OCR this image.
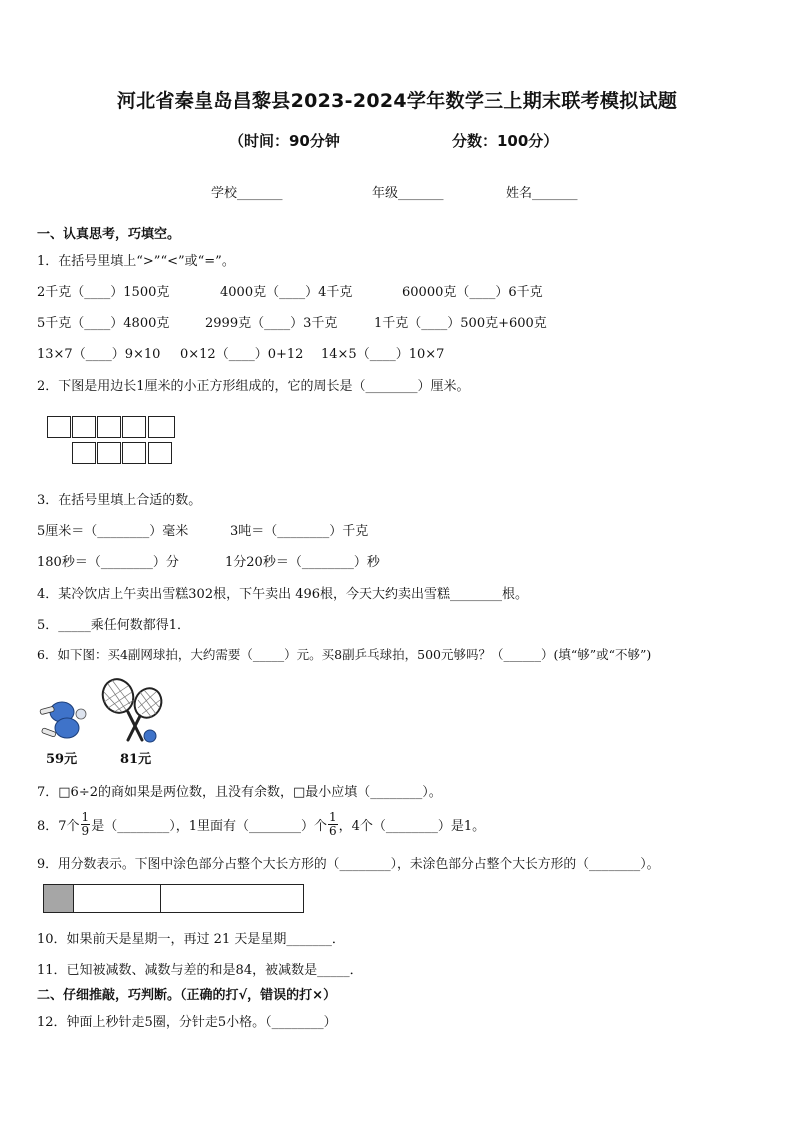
河北省秦皇岛昌黎县2023-2024学年数学三上期末联考模拟试题
（时间：90分钟	分数：100分）
学校_______	年级_______	姓名_______
一、认真思考，巧填空。
1．在括号里填上“>”“<”或“=”。
2千克（____）1500克	4000克（____）4千克	60000克（____）6千克
5千克（____）4800克	2999克（____）3千克	1千克（____）500克+600克
13×7（____）9×10 0×12（____）0+12 14×5（____）10×7
2．下图是用边长1厘米的小正方形组成的，它的周长是（________）厘米。
3．在括号里填上合适的数。
5厘米＝（________）毫米	3吨＝（________）千克
180秒＝（________）分	1分20秒＝（________）秒
4．某冷饮店上午卖出雪糕302根，下午卖出 496根，今天大约卖出雪糕________根。
5．_____乘任何数都得1．
6．如下图：买4副网球拍，大约需要（_____）元。买8副乒乓球拍，500元够吗？（______）(填“够”或“不够”)
59元	81元
7．□6÷2的商如果是两位数，且没有余数，□最小应填（________）。
8．7个 $\frac{1}{9}$ 是（________），1里面有（________）个 $\frac{1}{6}$ ，4个（________）是1。
9．用分数表示。下图中涂色部分占整个大长方形的（________），未涂色部分占整个大长方形的（________）。
10．如果前天是星期一，再过 21 天是星期_______．
11．已知被减数、减数与差的和是84，被减数是_____．
二、仔细推敲，巧判断。（正确的打√，错误的打×）
12．钟面上秒针走5圈，分针走5小格。（________）
